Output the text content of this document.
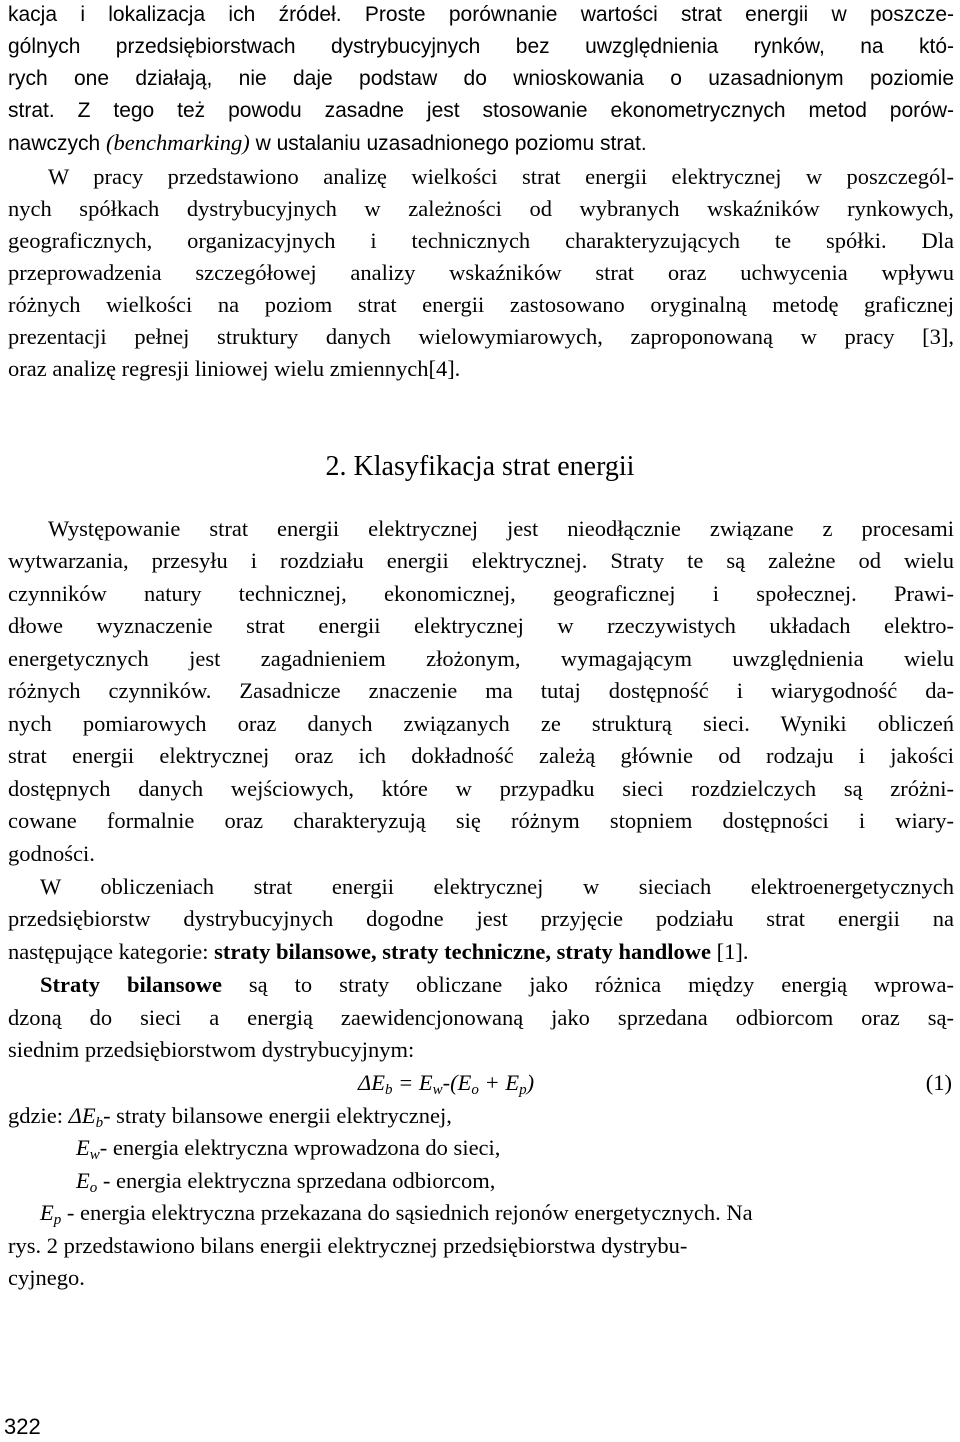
kacja i lokalizacja ich źródeł. Proste porównanie wartości strat energii w poszcze-
gólnych przedsiębiorstwach dystrybucyjnych bez uwzględnienia rynków, na któ-
rych one działają, nie daje podstaw do wnioskowania o uzasadnionym poziomie
strat. Z tego też powodu zasadne jest stosowanie ekonometrycznych metod porów-
nawczych (benchmarking) w ustalaniu uzasadnionego poziomu strat.
W pracy przedstawiono analizę wielkości strat energii elektrycznej w poszczegól-
nych spółkach dystrybucyjnych w zależności od wybranych wskaźników rynkowych,
geograficznych, organizacyjnych i technicznych charakteryzujących te spółki. Dla
przeprowadzenia szczegółowej analizy wskaźników strat oraz uchwycenia wpływu
różnych wielkości na poziom strat energii zastosowano oryginalną metodę graficznej
prezentacji pełnej struktury danych wielowymiarowych, zaproponowaną w pracy [3],
oraz analizę regresji liniowej wielu zmiennych[4].
2. Klasyfikacja strat energii
Występowanie strat energii elektrycznej jest nieodłącznie związane z procesami
wytwarzania, przesyłu i rozdziału energii elektrycznej. Straty te są zależne od wielu
czynników natury technicznej, ekonomicznej, geograficznej i społecznej. Prawi-
dłowe wyznaczenie strat energii elektrycznej w rzeczywistych układach elektro-
energetycznych jest zagadnieniem złożonym, wymagającym uwzględnienia wielu
różnych czynników. Zasadnicze znaczenie ma tutaj dostępność i wiarygodność da-
nych pomiarowych oraz danych związanych ze strukturą sieci. Wyniki obliczeń
strat energii elektrycznej oraz ich dokładność zależą głównie od rodzaju i jakości
dostępnych danych wejściowych, które w przypadku sieci rozdzielczych są zróżni-
cowane formalnie oraz charakteryzują się różnym stopniem dostępności i wiary-
godności.
W obliczeniach strat energii elektrycznej w sieciach elektroenergetycznych
przedsiębiorstw dystrybucyjnych dogodne jest przyjęcie podziału strat energii na
następujące kategorie: straty bilansowe, straty techniczne, straty handlowe [1].
Straty bilansowe są to straty obliczane jako różnica między energią wprowa-
dzoną do sieci a energią zaewidencjonowaną jako sprzedana odbiorcom oraz są-
siednim przedsiębiorstwom dystrybucyjnym:
$\Delta E_b = E_w-(E_o + E_p)$	(1)
gdzie: $\Delta E_b-$ straty bilansowe energii elektrycznej,
$E_w-$ energia elektryczna wprowadzona do sieci,
$E_o$ - energia elektryczna sprzedana odbiorcom,
$E_p$ - energia elektryczna przekazana do sąsiednich rejonów energetycznych. Na
rys. 2 przedstawiono bilans energii elektrycznej przedsiębiorstwa dystrybu-
cyjnego.
322
